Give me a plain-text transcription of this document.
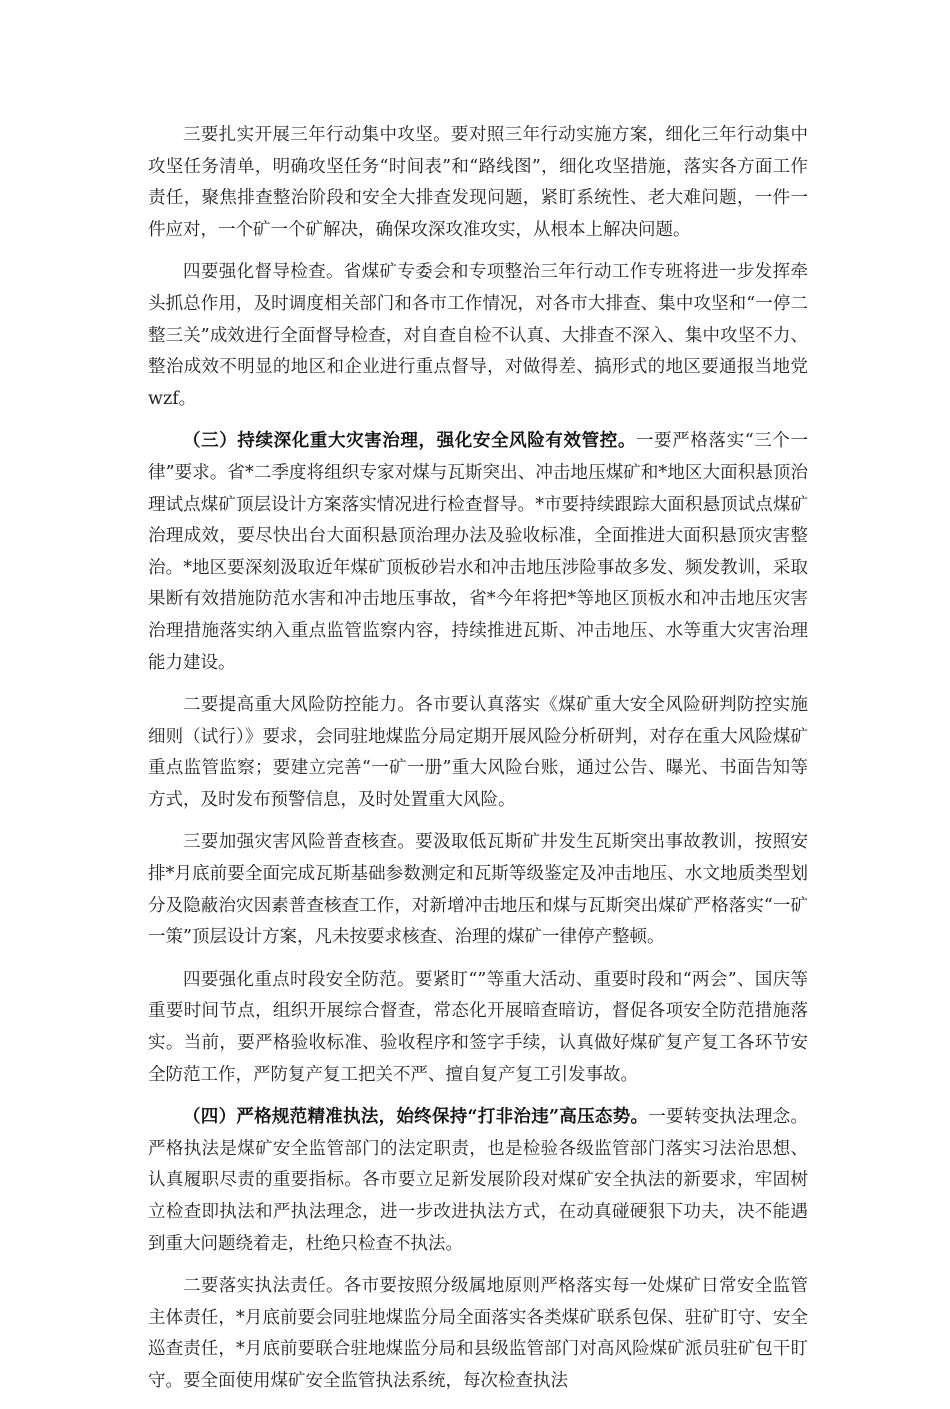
三要扎实开展三年行动集中攻坚。要对照三年行动实施方案，细化三年行动集中攻坚任务清单，明确攻坚任务“时间表”和“路线图”，细化攻坚措施，落实各方面工作责任，聚焦排查整治阶段和安全大排查发现问题，紧盯系统性、老大难问题，一件一件应对，一个矿一个矿解决，确保攻深攻准攻实，从根本上解决问题。

四要强化督导检查。省煤矿专委会和专项整治三年行动工作专班将进一步发挥牵头抓总作用，及时调度相关部门和各市工作情况，对各市大排查、集中攻坚和“一停二整三关”成效进行全面督导检查，对自查自检不认真、大排查不深入、集中攻坚不力、整治成效不明显的地区和企业进行重点督导，对做得差、搞形式的地区要通报当地党wzf。

（三）持续深化重大灾害治理，强化安全风险有效管控。一要严格落实“三个一律”要求。省*二季度将组织专家对煤与瓦斯突出、冲击地压煤矿和*地区大面积悬顶治理试点煤矿顶层设计方案落实情况进行检查督导。*市要持续跟踪大面积悬顶试点煤矿治理成效，要尽快出台大面积悬顶治理办法及验收标准，全面推进大面积悬顶灾害整治。*地区要深刻汲取近年煤矿顶板砂岩水和冲击地压涉险事故多发、频发教训，采取果断有效措施防范水害和冲击地压事故，省*今年将把*等地区顶板水和冲击地压灾害治理措施落实纳入重点监管监察内容，持续推进瓦斯、冲击地压、水等重大灾害治理能力建设。

二要提高重大风险防控能力。各市要认真落实《煤矿重大安全风险研判防控实施细则（试行）》要求，会同驻地煤监分局定期开展风险分析研判，对存在重大风险煤矿重点监管监察；要建立完善“一矿一册”重大风险台账，通过公告、曝光、书面告知等方式，及时发布预警信息，及时处置重大风险。

三要加强灾害风险普查核查。要汲取低瓦斯矿井发生瓦斯突出事故教训，按照安排*月底前要全面完成瓦斯基础参数测定和瓦斯等级鉴定及冲击地压、水文地质类型划分及隐蔽治灾因素普查核查工作，对新增冲击地压和煤与瓦斯突出煤矿严格落实“一矿一策”顶层设计方案，凡未按要求核查、治理的煤矿一律停产整顿。

四要强化重点时段安全防范。要紧盯“”等重大活动、重要时段和“两会”、国庆等重要时间节点，组织开展综合督查，常态化开展暗查暗访，督促各项安全防范措施落实。当前，要严格验收标准、验收程序和签字手续，认真做好煤矿复产复工各环节安全防范工作，严防复产复工把关不严、擅自复产复工引发事故。

（四）严格规范精准执法，始终保持“打非治违”高压态势。一要转变执法理念。严格执法是煤矿安全监管部门的法定职责，也是检验各级监管部门落实习法治思想、认真履职尽责的重要指标。各市要立足新发展阶段对煤矿安全执法的新要求，牢固树立检查即执法和严执法理念，进一步改进执法方式，在动真碰硬狠下功夫，决不能遇到重大问题绕着走，杜绝只检查不执法。

二要落实执法责任。各市要按照分级属地原则严格落实每一处煤矿日常安全监管主体责任，*月底前要会同驻地煤监分局全面落实各类煤矿联系包保、驻矿盯守、安全巡查责任，*月底前要联合驻地煤监分局和县级监管部门对高风险煤矿派员驻矿包干盯守。要全面使用煤矿安全监管执法系统，每次检查执法
